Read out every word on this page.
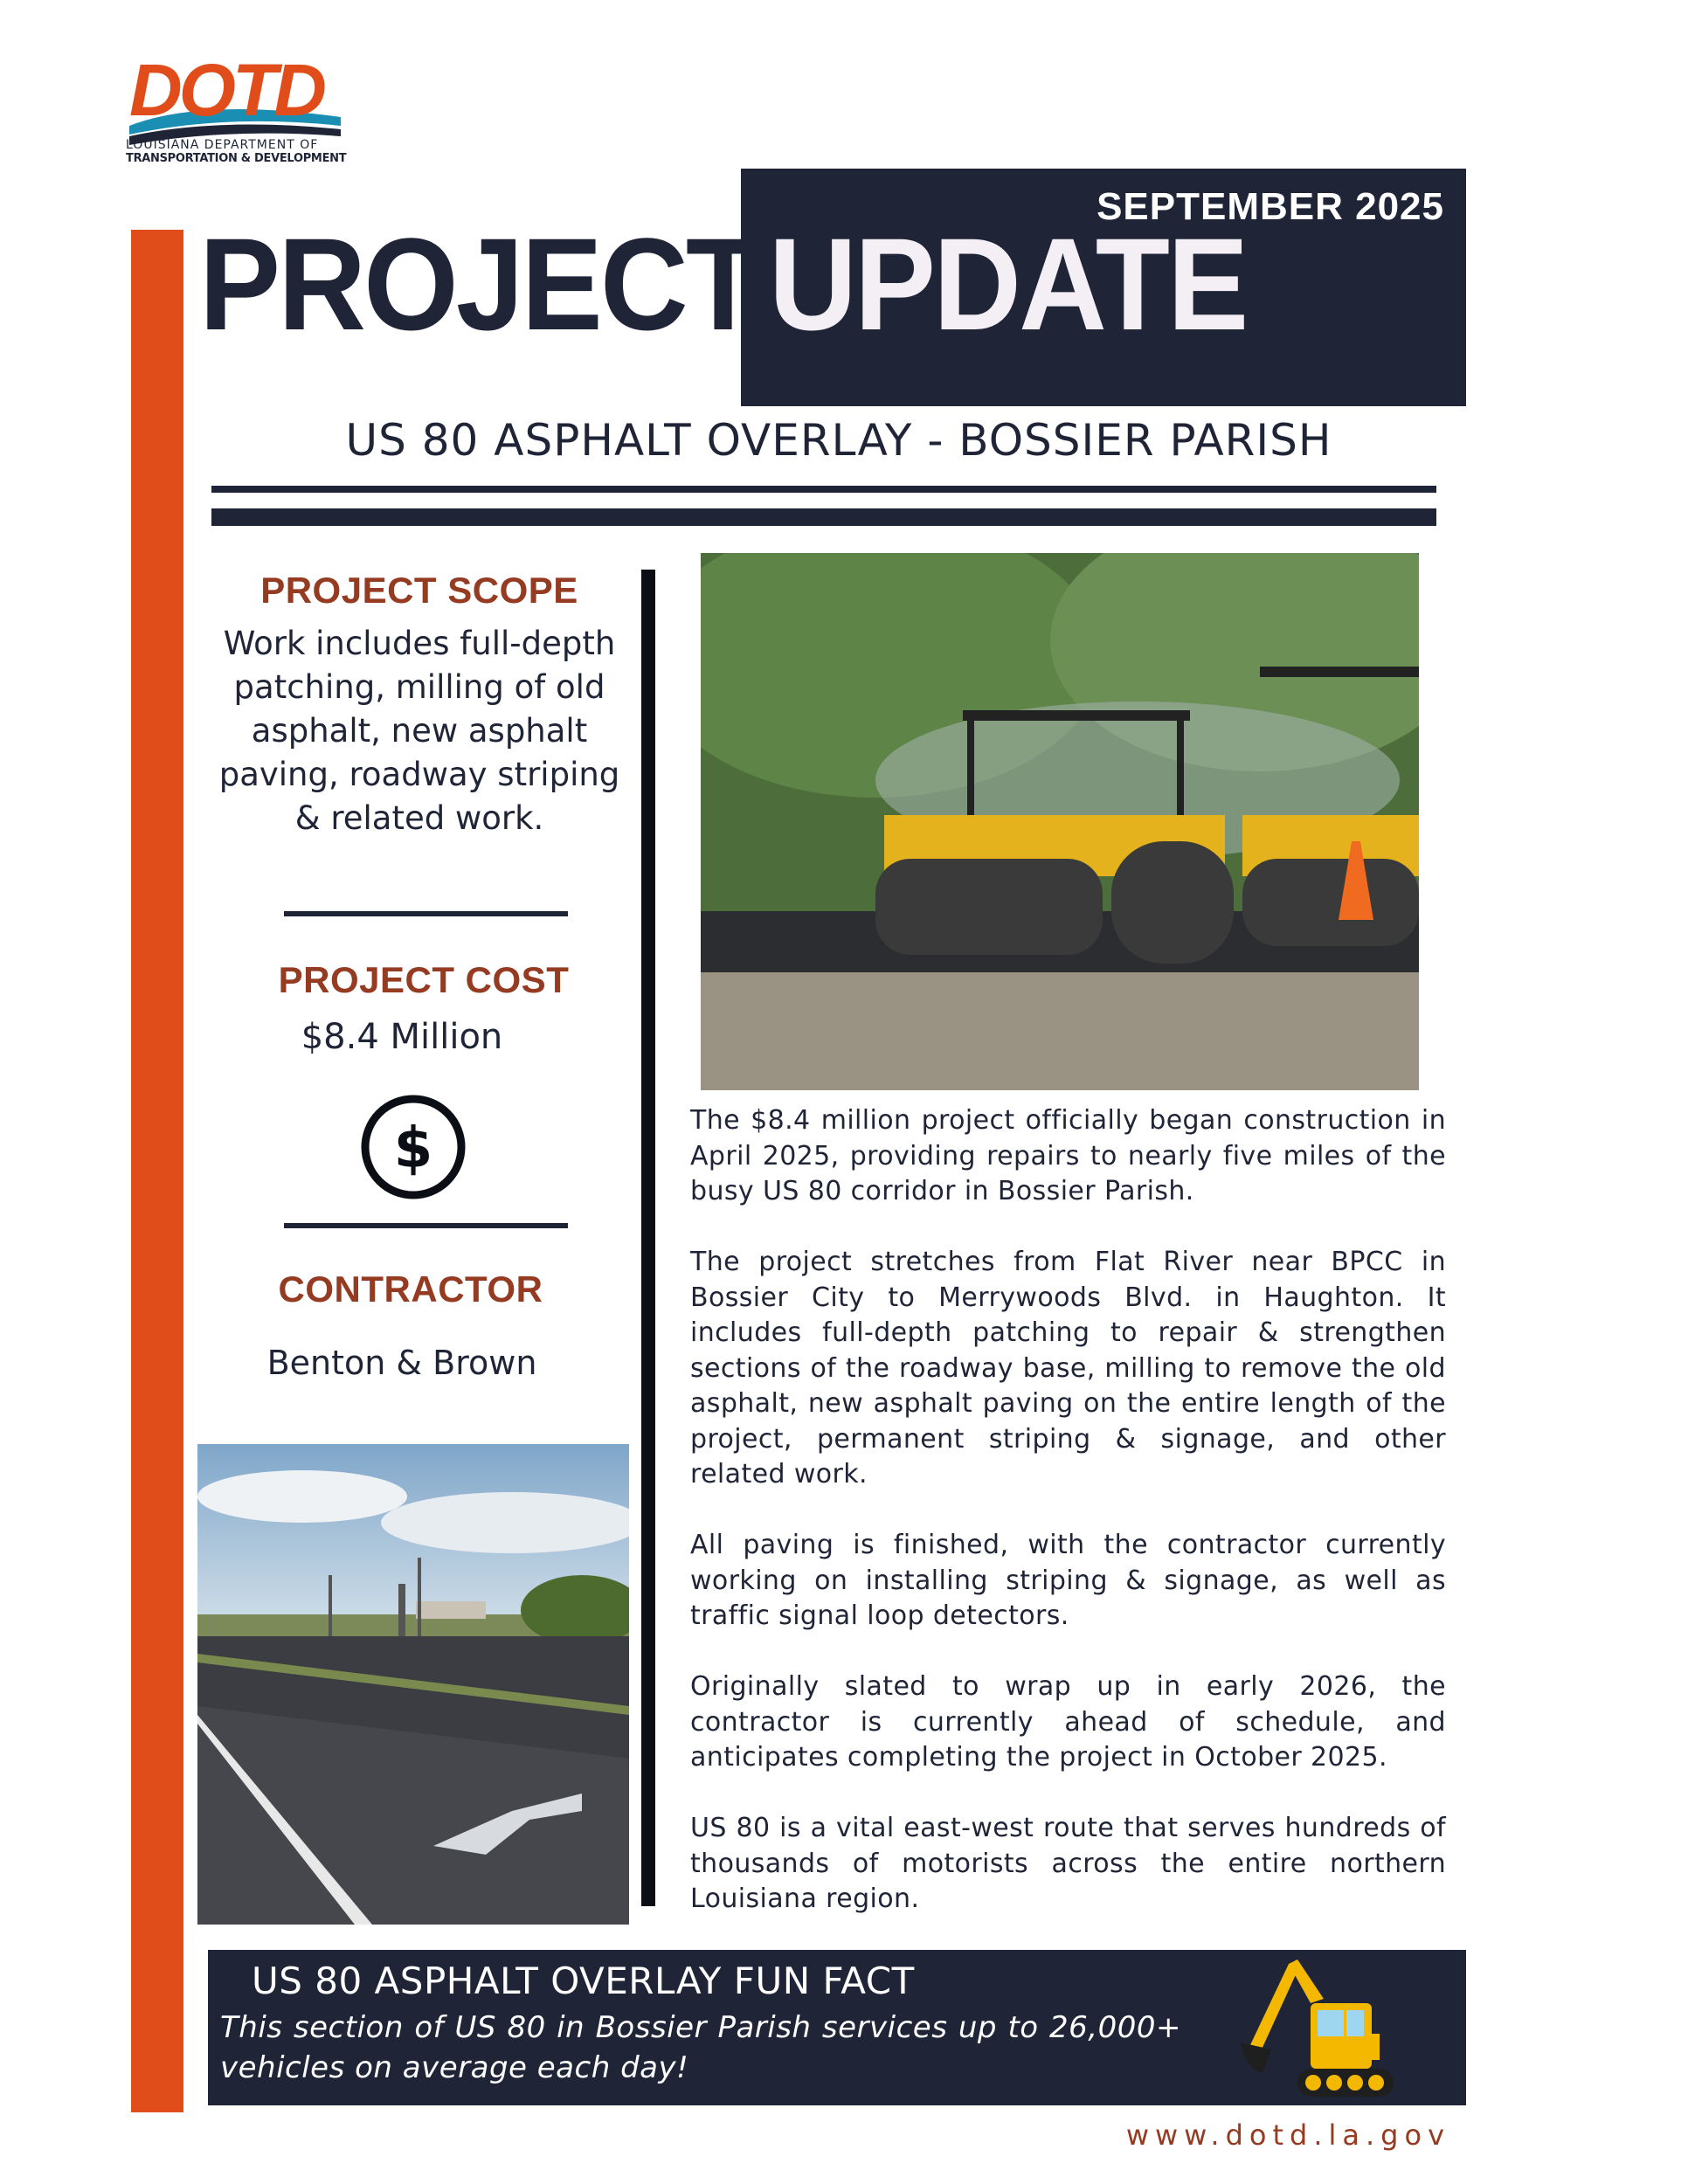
DOTD
LOUISIANA DEPARTMENT OF
TRANSPORTATION & DEVELOPMENT
SEPTEMBER 2025
PROJECT UPDATE
US 80 ASPHALT OVERLAY - BOSSIER PARISH
PROJECT SCOPE
Work includes full-depth patching, milling of old asphalt, new asphalt paving, roadway striping & related work.
PROJECT COST
$8.4 Million
$
CONTRACTOR
Benton & Brown

The $8.4 million project officially began construction in April 2025, providing repairs to nearly five miles of the busy US 80 corridor in Bossier Parish.

The project stretches from Flat River near BPCC in Bossier City to Merrywoods Blvd. in Haughton. It includes full-depth patching to repair & strengthen sections of the roadway base, milling to remove the old asphalt, new asphalt paving on the entire length of the project, permanent striping & signage, and other related work.

All paving is finished, with the contractor currently working on installing striping & signage, as well as traffic signal loop detectors.

Originally slated to wrap up in early 2026, the contractor is currently ahead of schedule, and anticipates completing the project in October 2025.

US 80 is a vital east-west route that serves hundreds of thousands of motorists across the entire northern Louisiana region.

US 80 ASPHALT OVERLAY FUN FACT
This section of US 80 in Bossier Parish services up to 26,000+ vehicles on average each day!
www.dotd.la.gov
